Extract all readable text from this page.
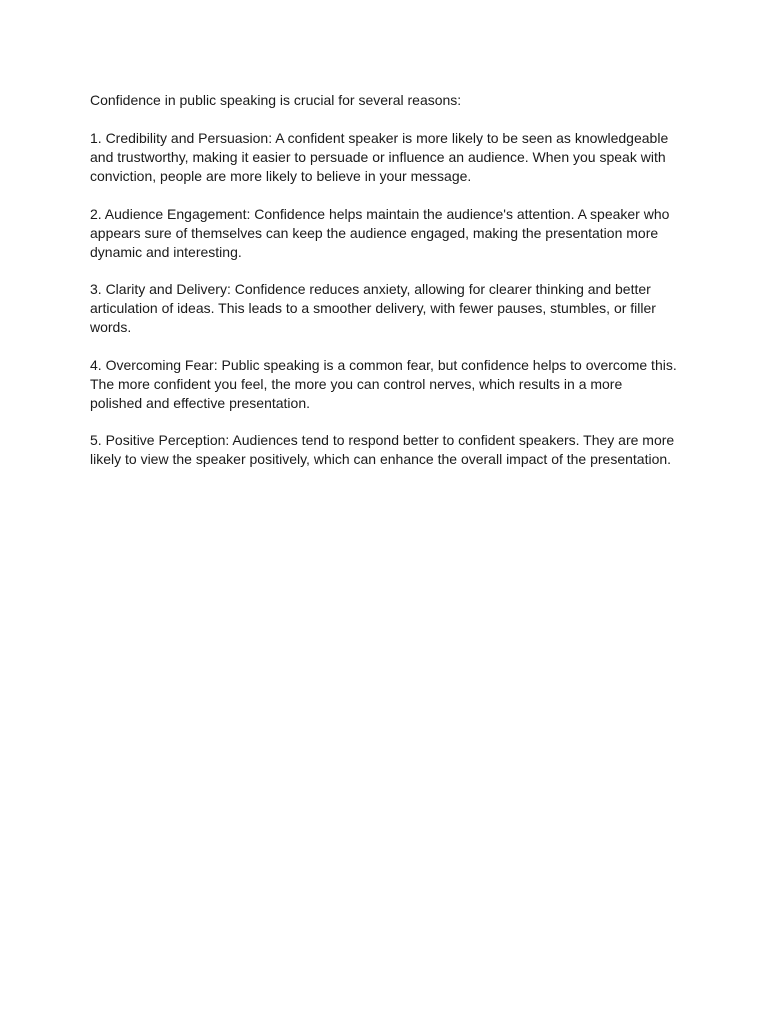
Confidence in public speaking is crucial for several reasons:

1. Credibility and Persuasion: A confident speaker is more likely to be seen as knowledgeable and trustworthy, making it easier to persuade or influence an audience. When you speak with conviction, people are more likely to believe in your message.

2. Audience Engagement: Confidence helps maintain the audience's attention. A speaker who appears sure of themselves can keep the audience engaged, making the presentation more dynamic and interesting.

3. Clarity and Delivery: Confidence reduces anxiety, allowing for clearer thinking and better articulation of ideas. This leads to a smoother delivery, with fewer pauses, stumbles, or filler words.

4. Overcoming Fear: Public speaking is a common fear, but confidence helps to overcome this. The more confident you feel, the more you can control nerves, which results in a more polished and effective presentation.

5. Positive Perception: Audiences tend to respond better to confident speakers. They are more likely to view the speaker positively, which can enhance the overall impact of the presentation.
